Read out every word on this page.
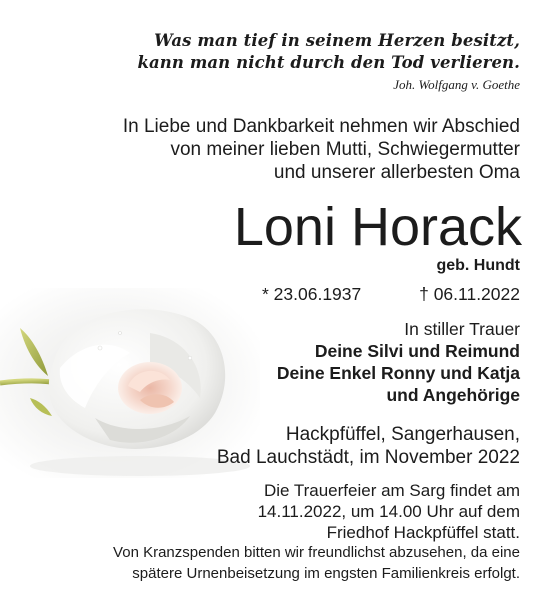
Was man tief in seinem Herzen besitzt,
kann man nicht durch den Tod verlieren.
Joh. Wolfgang v. Goethe
In Liebe und Dankbarkeit nehmen wir Abschied
von meiner lieben Mutti, Schwiegermutter
und unserer allerbesten Oma
Loni Horack
geb. Hundt
* 23.06.1937	† 06.11.2022
In stiller Trauer
Deine Silvi und Reimund
Deine Enkel Ronny und Katja
und Angehörige
Hackpfüffel, Sangerhausen,
Bad Lauchstädt, im November 2022
Die Trauerfeier am Sarg findet am
14.11.2022, um 14.00 Uhr auf dem
Friedhof Hackpfüffel statt.
Von Kranzspenden bitten wir freundlichst abzusehen, da eine
spätere Urnenbeisetzung im engsten Familienkreis erfolgt.
